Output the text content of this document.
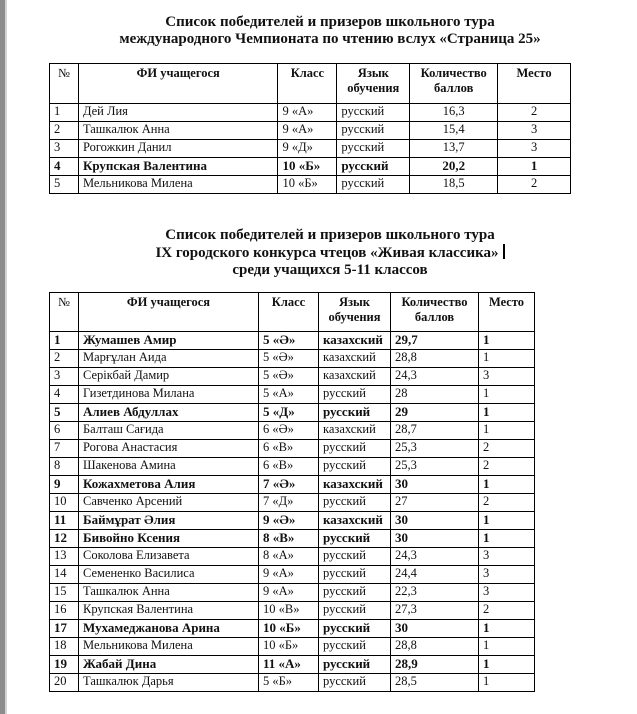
Список победителей и призеров школьного тура
международного Чемпионата по чтению вслух «Страница 25»
№	ФИ учащегося	Класс	Язык обучения	Количество баллов	Место
1	Дей Лия	9 «А»	русский	16,3	2
2	Ташкалюк Анна	9 «А»	русский	15,4	3
3	Рогожкин Данил	9 «Д»	русский	13,7	3
4	Крупская Валентина	10 «Б»	русский	20,2	1
5	Мельникова Милена	10 «Б»	русский	18,5	2
Список победителей и призеров школьного тура
IX городского конкурса чтецов «Живая классика»
среди учащихся 5-11 классов
№	ФИ учащегося	Класс	Язык обучения	Количество баллов	Место
1	Жумашев Амир	5 «Ә»	казахский	29,7	1
2	Марғұлан Аида	5 «Ә»	казахский	28,8	1
3	Серікбай Дамир	5 «Ә»	казахский	24,3	3
4	Гизетдинова Милана	5 «А»	русский	28	1
5	Алиев Абдуллах	5 «Д»	русский	29	1
6	Балташ Сағида	6 «Ә»	казахский	28,7	1
7	Рогова Анастасия	6 «В»	русский	25,3	2
8	Шакенова Амина	6 «В»	русский	25,3	2
9	Кожахметова Алия	7 «Ә»	казахский	30	1
10	Савченко Арсений	7 «Д»	русский	27	2
11	Баймұрат Әлия	9 «Ә»	казахский	30	1
12	Бивойно Ксения	8 «В»	русский	30	1
13	Соколова Елизавета	8 «А»	русский	24,3	3
14	Семененко Василиса	9 «А»	русский	24,4	3
15	Ташкалюк Анна	9 «А»	русский	22,3	3
16	Крупская Валентина	10 «В»	русский	27,3	2
17	Мухамеджанова Арина	10 «Б»	русский	30	1
18	Мельникова Милена	10 «Б»	русский	28,8	1
19	Жабай Дина	11 «А»	русский	28,9	1
20	Ташкалюк Дарья	5 «Б»	русский	28,5	1
